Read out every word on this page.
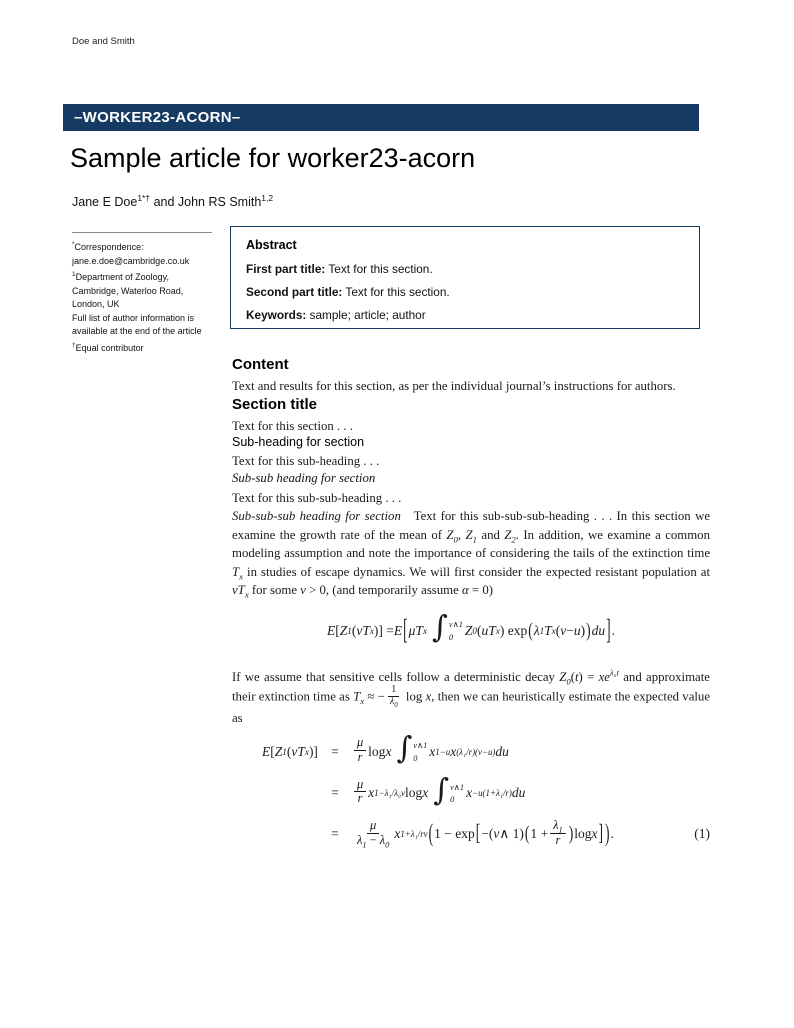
Doe and Smith
–WORKER23-ACORN–
Sample article for worker23-acorn
Jane E Doe$^{1*\dagger}$ and John RS Smith$^{1,2}$
*Correspondence:
jane.e.doe@cambridge.co.uk
$^1$Department of Zoology,
Cambridge, Waterloo Road,
London, UK
Full list of author information is
available at the end of the article
†Equal contributor
Abstract
First part title: Text for this section.
Second part title: Text for this section.
Keywords: sample; article; author
Content

Text and results for this section, as per the individual journal’s instructions for authors.

Section title

Text for this section . . .

Sub-heading for section

Text for this sub-heading . . .

Sub-sub heading for section

Text for this sub-sub-heading . . .

Sub-sub-sub heading for section Text for this sub-sub-sub-heading . . . In this section we examine the growth rate of the mean of $Z_0$, $Z_1$ and $Z_2$. In addition, we examine a common modeling assumption and note the importance of considering the tails of the extinction time $T_x$ in studies of escape dynamics. We will first consider the expected resistant population at $vT_x$ for some v > 0, (and temporarily assume α = 0)

E [ Z 1 ( vT x )] = E [ μT x ∫ v∧1
0 Z 0 ( uT x ) exp ( λ 1 T x ( v − u ) ) du ] .

If we assume that sensitive cells follow a deterministic decay $Z_0(t) = xe^{\lambda_0t}$ and approximate their extinction time as $T_x$ ≈ − $\frac{1}{\lambda_0}$ log x, then we can heuristically estimate the expected value as

E [ Z 1 ( vT x )] =	$\frac{\mu}{r}$ log x ∫ v∧1
0 x 1−u x (λ₁/r)(v−u) du
=	$\frac{\mu}{r}$ x 1−λ₁/λ₀v log x ∫ v∧1
0 x −u(1+λ₁/r) du
=	$\frac{\mu}{\lambda_1 - \lambda_0}$ x 1+λ₁/rv ( 1 − exp [ −( v ∧ 1) ( $1 + \frac{\lambda_1}{r}$ ) log x ] ) .	(1)
